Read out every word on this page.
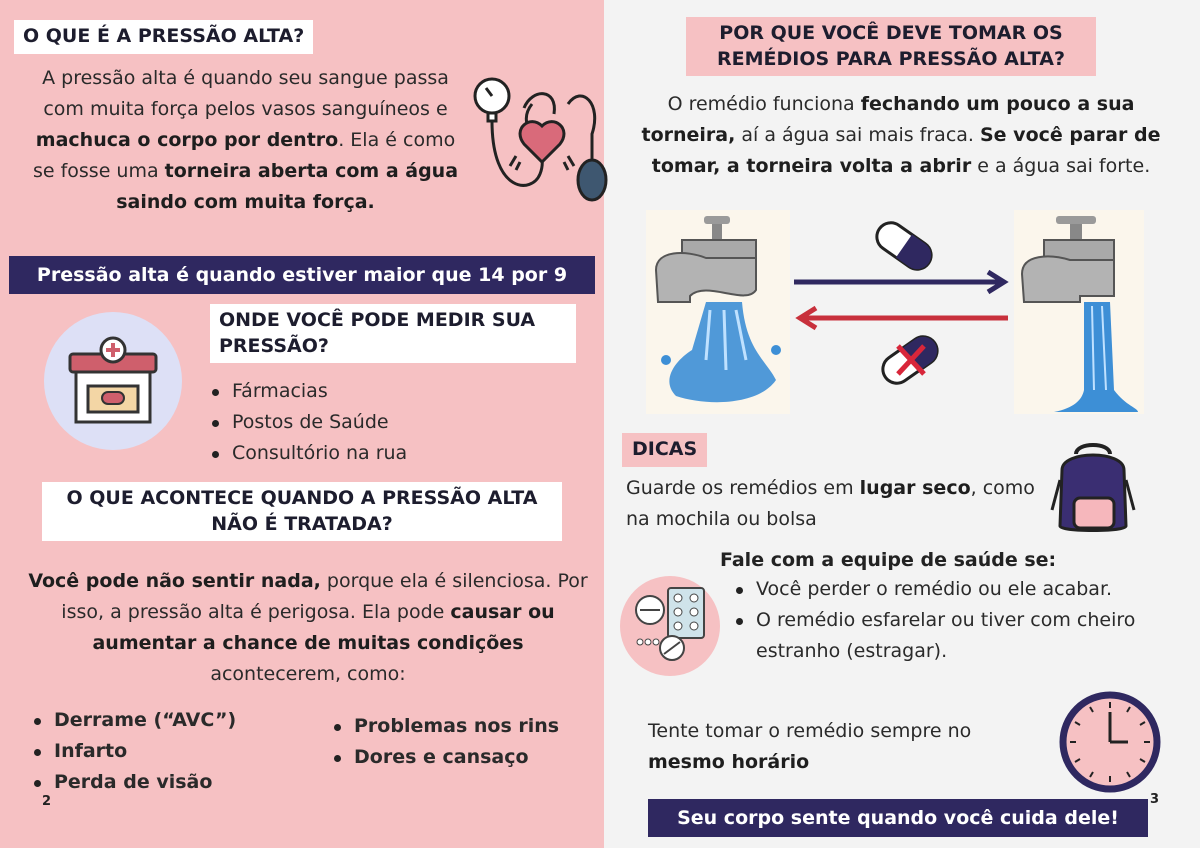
O QUE É A PRESSÃO ALTA?
A pressão alta é quando seu sangue passa com muita força pelos vasos sanguíneos e machuca o corpo por dentro. Ela é como se fosse uma torneira aberta com a água saindo com muita força.
Pressão alta é quando estiver maior que 14 por 9
ONDE VOCÊ PODE MEDIR SUA PRESSÃO?
Fármacias
Postos de Saúde
Consultório na rua
O QUE ACONTECE QUANDO A PRESSÃO ALTA NÃO É TRATADA?
Você pode não sentir nada, porque ela é silenciosa. Por isso, a pressão alta é perigosa. Ela pode causar ou aumentar a chance de muitas condições acontecerem, como:
Derrame (“AVC”)
Infarto
Perda de visão
Problemas nos rins
Dores e cansaço
2
POR QUE VOCÊ DEVE TOMAR OS REMÉDIOS PARA PRESSÃO ALTA?
O remédio funciona fechando um pouco a sua torneira, aí a água sai mais fraca. Se você parar de tomar, a torneira volta a abrir e a água sai forte.
DICAS
Guarde os remédios em lugar seco, como na mochila ou bolsa
Fale com a equipe de saúde se:
Você perder o remédio ou ele acabar.
O remédio esfarelar ou tiver com cheiro estranho (estragar).
Tente tomar o remédio sempre no
mesmo horário
Seu corpo sente quando você cuida dele!
3
